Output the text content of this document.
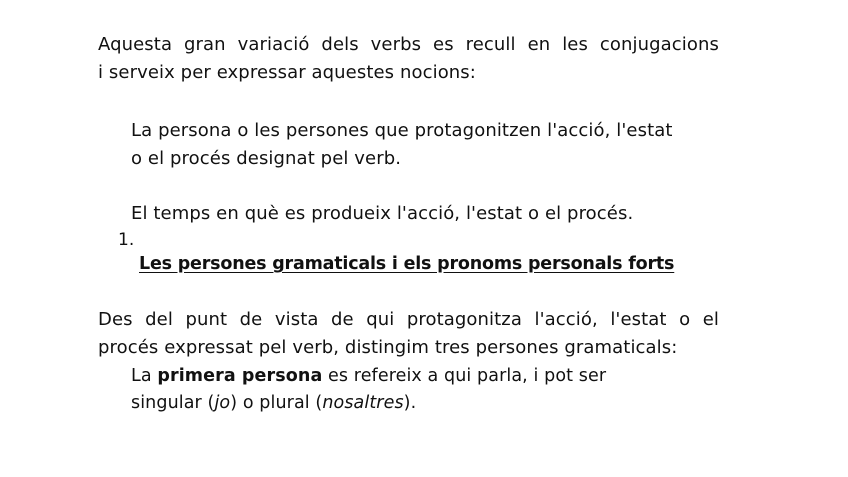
Aquesta gran variació dels verbs es recull en les conjugacions
i serveix per expressar aquestes nocions:

La persona o les persones que protagonitzen l'acció, l'estat
o el procés designat pel verb.

El temps en què es produeix l'acció, l'estat o el procés.

1.
Les persones gramaticals i els pronoms personals forts

Des del punt de vista de qui protagonitza l'acció, l'estat o el
procés expressat pel verb, distingim tres persones gramaticals:

La primera persona es refereix a qui parla, i pot ser
singular (jo) o plural (nosaltres).
